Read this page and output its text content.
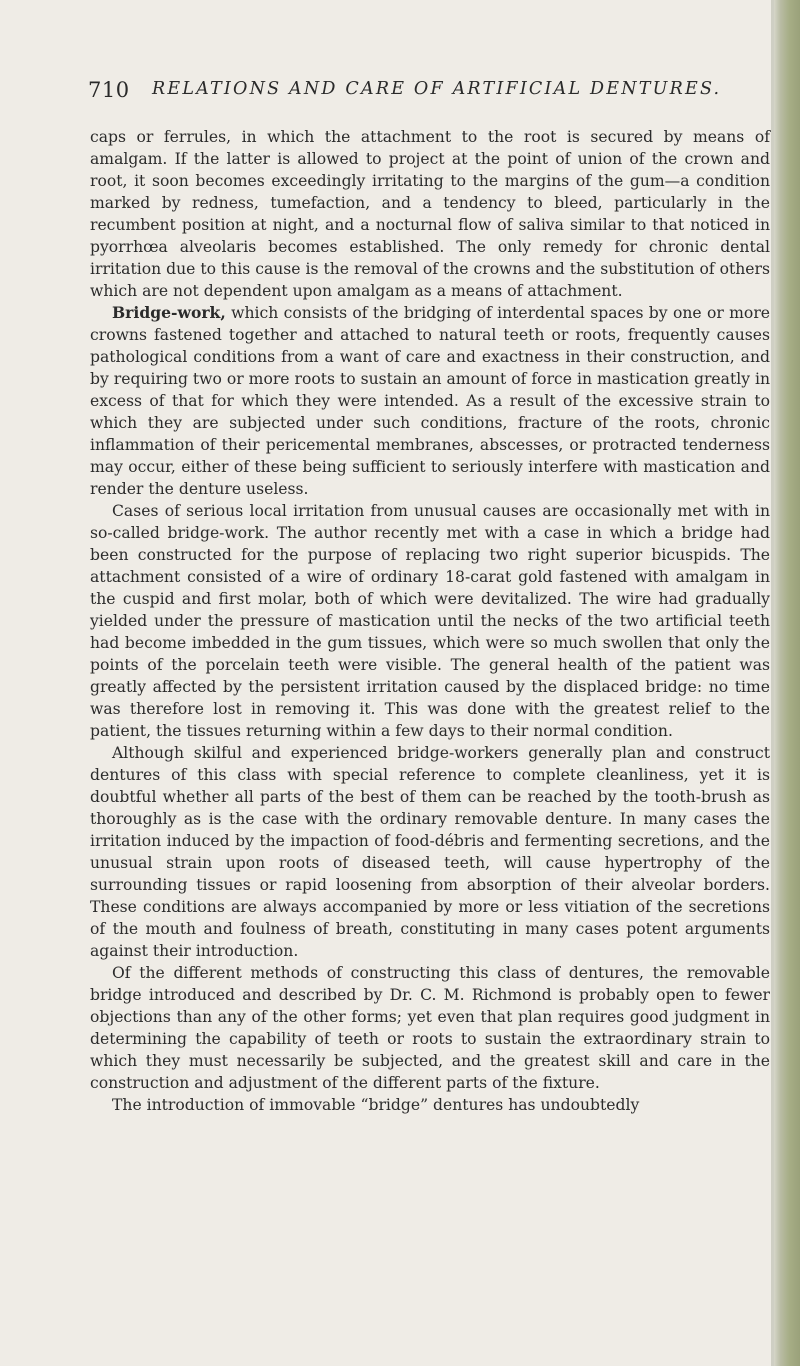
710 RELATIONS AND CARE OF ARTIFICIAL DENTURES.

caps or ferrules, in which the attachment to the root is secured by means of amalgam. If the latter is allowed to project at the point of union of the crown and root, it soon becomes exceedingly irritating to the margins of the gum—a condition marked by redness, tumefaction, and a tendency to bleed, particularly in the recumbent position at night, and a nocturnal flow of saliva similar to that noticed in pyorrhœa alveolaris becomes established. The only remedy for chronic dental irritation due to this cause is the removal of the crowns and the substitution of others which are not dependent upon amalgam as a means of attachment.

Bridge-work, which consists of the bridging of interdental spaces by one or more crowns fastened together and attached to natural teeth or roots, frequently causes pathological conditions from a want of care and exactness in their construction, and by requiring two or more roots to sustain an amount of force in mastication greatly in excess of that for which they were intended. As a result of the excessive strain to which they are subjected under such conditions, fracture of the roots, chronic inflammation of their pericemental membranes, abscesses, or protracted tenderness may occur, either of these being sufficient to seriously interfere with mastication and render the denture useless.

Cases of serious local irritation from unusual causes are occasionally met with in so-called bridge-work. The author recently met with a case in which a bridge had been constructed for the purpose of replacing two right superior bicuspids. The attachment consisted of a wire of ordinary 18-carat gold fastened with amalgam in the cuspid and first molar, both of which were devitalized. The wire had gradually yielded under the pressure of mastication until the necks of the two artificial teeth had become imbedded in the gum tissues, which were so much swollen that only the points of the porcelain teeth were visible. The general health of the patient was greatly affected by the persistent irritation caused by the displaced bridge: no time was therefore lost in removing it. This was done with the greatest relief to the patient, the tissues returning within a few days to their normal condition.

Although skilful and experienced bridge-workers generally plan and construct dentures of this class with special reference to complete cleanliness, yet it is doubtful whether all parts of the best of them can be reached by the tooth-brush as thoroughly as is the case with the ordinary removable denture. In many cases the irritation induced by the impaction of food-débris and fermenting secretions, and the unusual strain upon roots of diseased teeth, will cause hypertrophy of the surrounding tissues or rapid loosening from absorption of their alveolar borders. These conditions are always accompanied by more or less vitiation of the secretions of the mouth and foulness of breath, constituting in many cases potent arguments against their introduction.

Of the different methods of constructing this class of dentures, the removable bridge introduced and described by Dr. C. M. Richmond is probably open to fewer objections than any of the other forms; yet even that plan requires good judgment in determining the capability of teeth or roots to sustain the extraordinary strain to which they must necessarily be subjected, and the greatest skill and care in the construction and adjustment of the different parts of the fixture.

The introduction of immovable “bridge” dentures has undoubtedly
